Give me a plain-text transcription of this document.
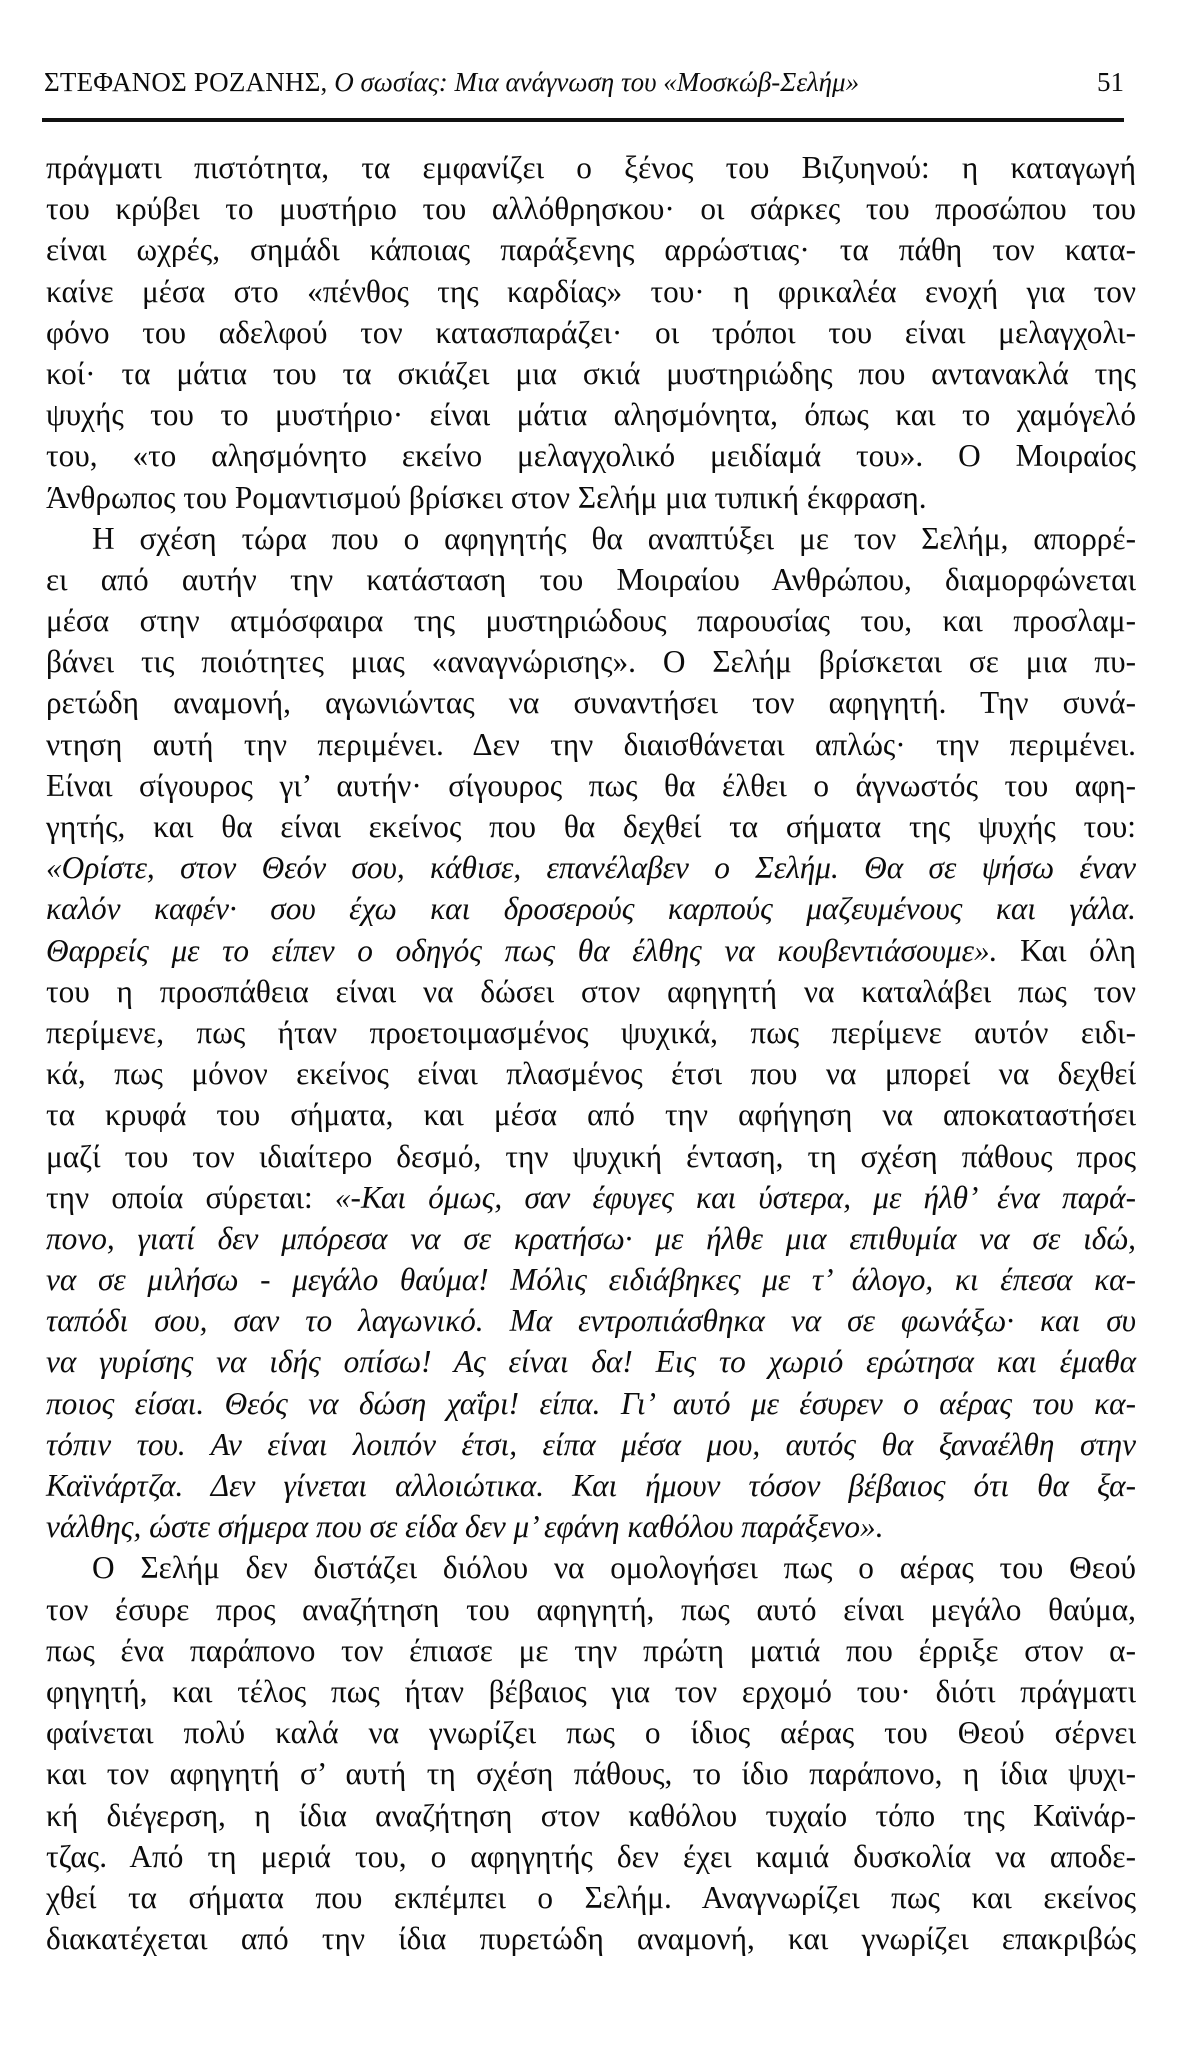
ΣΤΕΦΑΝΟΣ ΡΟΖΑΝΗΣ, Ο σωσίας: Μια ανάγνωση του «Μοσκώβ-Σελήμ»	51

πράγματι πιστότητα, τα εμφανίζει ο ξένος του Βιζυηνού: η καταγωγή
του κρύβει το μυστήριο του αλλόθρησκου· οι σάρκες του προσώπου του
είναι ωχρές, σημάδι κάποιας παράξενης αρρώστιας· τα πάθη τον κατα-
καίνε μέσα στο «πένθος της καρδίας» του· η φρικαλέα ενοχή για τον
φόνο του αδελφού τον κατασπαράζει· οι τρόποι του είναι μελαγχολι-
κοί· τα μάτια του τα σκιάζει μια σκιά μυστηριώδης που αντανακλά της
ψυχής του το μυστήριο· είναι μάτια αλησμόνητα, όπως και το χαμόγελό
του, «το αλησμόνητο εκείνο μελαγχολικό μειδίαμά του». Ο Μοιραίος
Άνθρωπος του Ρομαντισμού βρίσκει στον Σελήμ μια τυπική έκφραση.

Η σχέση τώρα που ο αφηγητής θα αναπτύξει με τον Σελήμ, απορρέ-
ει από αυτήν την κατάσταση του Μοιραίου Ανθρώπου, διαμορφώνεται
μέσα στην ατμόσφαιρα της μυστηριώδους παρουσίας του, και προσλαμ-
βάνει τις ποιότητες μιας «αναγνώρισης». Ο Σελήμ βρίσκεται σε μια πυ-
ρετώδη αναμονή, αγωνιώντας να συναντήσει τον αφηγητή. Την συνά-
ντηση αυτή την περιμένει. Δεν την διαισθάνεται απλώς· την περιμένει.
Είναι σίγουρος γι’ αυτήν· σίγουρος πως θα έλθει ο άγνωστός του αφη-
γητής, και θα είναι εκείνος που θα δεχθεί τα σήματα της ψυχής του:
«Ορίστε, στον Θεόν σου, κάθισε, επανέλαβεν ο Σελήμ. Θα σε ψήσω έναν
καλόν καφέν· σου έχω και δροσερούς καρπούς μαζευμένους και γάλα.
Θαρρείς με το είπεν ο οδηγός πως θα έλθης να κουβεντιάσουμε». Και όλη
του η προσπάθεια είναι να δώσει στον αφηγητή να καταλάβει πως τον
περίμενε, πως ήταν προετοιμασμένος ψυχικά, πως περίμενε αυτόν ειδι-
κά, πως μόνον εκείνος είναι πλασμένος έτσι που να μπορεί να δεχθεί
τα κρυφά του σήματα, και μέσα από την αφήγηση να αποκαταστήσει
μαζί του τον ιδιαίτερο δεσμό, την ψυχική ένταση, τη σχέση πάθους προς
την οποία σύρεται: «-Και όμως, σαν έφυγες και ύστερα, με ήλθ’ ένα παρά-
πονο, γιατί δεν μπόρεσα να σε κρατήσω· με ήλθε μια επιθυμία να σε ιδώ,
να σε μιλήσω - μεγάλο θαύμα! Μόλις ειδιάβηκες με τ’ άλογο, κι έπεσα κα-
ταπόδι σου, σαν το λαγωνικό. Μα εντροπιάσθηκα να σε φωνάξω· και συ
να γυρίσης να ιδής οπίσω! Ας είναι δα! Εις το χωριό ερώτησα και έμαθα
ποιος είσαι. Θεός να δώση χαΐρι! είπα. Γι’ αυτό με έσυρεν ο αέρας του κα-
τόπιν του. Αν είναι λοιπόν έτσι, είπα μέσα μου, αυτός θα ξαναέλθη στην
Καϊνάρτζα. Δεν γίνεται αλλοιώτικα. Και ήμουν τόσον βέβαιος ότι θα ξα-
νάλθης, ώστε σήμερα που σε είδα δεν μ’ εφάνη καθόλου παράξενο».

Ο Σελήμ δεν διστάζει διόλου να ομολογήσει πως ο αέρας του Θεού
τον έσυρε προς αναζήτηση του αφηγητή, πως αυτό είναι μεγάλο θαύμα,
πως ένα παράπονο τον έπιασε με την πρώτη ματιά που έρριξε στον α-
φηγητή, και τέλος πως ήταν βέβαιος για τον ερχομό του· διότι πράγματι
φαίνεται πολύ καλά να γνωρίζει πως ο ίδιος αέρας του Θεού σέρνει
και τον αφηγητή σ’ αυτή τη σχέση πάθους, το ίδιο παράπονο, η ίδια ψυχι-
κή διέγερση, η ίδια αναζήτηση στον καθόλου τυχαίο τόπο της Καϊνάρ-
τζας. Από τη μεριά του, ο αφηγητής δεν έχει καμιά δυσκολία να αποδε-
χθεί τα σήματα που εκπέμπει ο Σελήμ. Αναγνωρίζει πως και εκείνος
διακατέχεται από την ίδια πυρετώδη αναμονή, και γνωρίζει επακριβώς
